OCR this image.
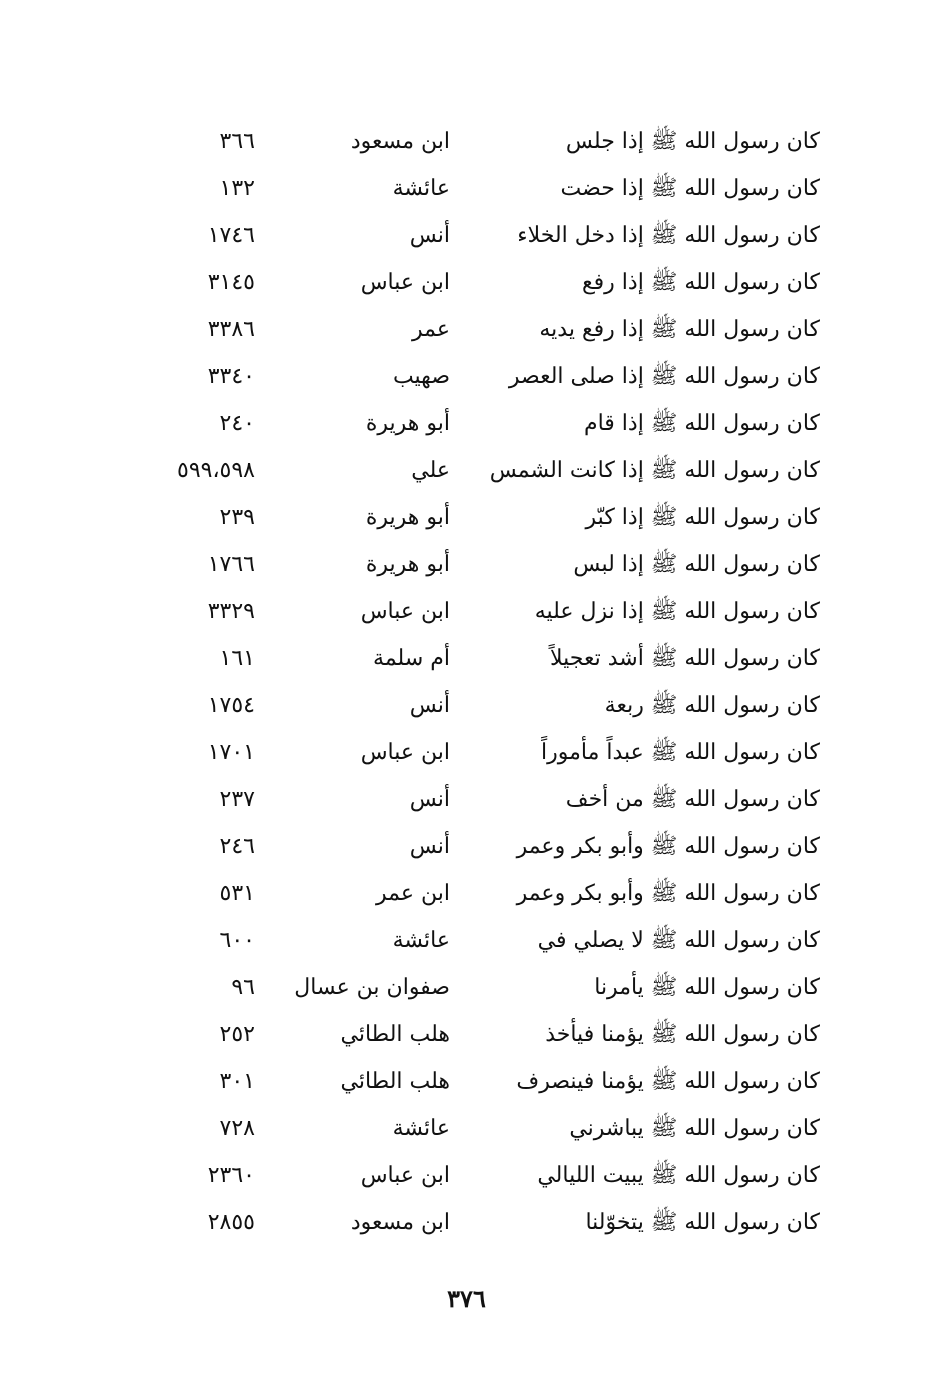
كان رسول الله ﷺ إذا جلس
ابن مسعود
٣٦٦
كان رسول الله ﷺ إذا حضت
عائشة
١٣٢
كان رسول الله ﷺ إذا دخل الخلاء
أنس
١٧٤٦
كان رسول الله ﷺ إذا رفع
ابن عباس
٣١٤٥
كان رسول الله ﷺ إذا رفع يديه
عمر
٣٣٨٦
كان رسول الله ﷺ إذا صلى العصر
صهيب
٣٣٤٠
كان رسول الله ﷺ إذا قام
أبو هريرة
٢٤٠
كان رسول الله ﷺ إذا كانت الشمس
علي
٥٩٩،٥٩٨
كان رسول الله ﷺ إذا كبّر
أبو هريرة
٢٣٩
كان رسول الله ﷺ إذا لبس
أبو هريرة
١٧٦٦
كان رسول الله ﷺ إذا نزل عليه
ابن عباس
٣٣٢٩
كان رسول الله ﷺ أشد تعجيلاً
أم سلمة
١٦١
كان رسول الله ﷺ ربعة
أنس
١٧٥٤
كان رسول الله ﷺ عبداً مأموراً
ابن عباس
١٧٠١
كان رسول الله ﷺ من أخف
أنس
٢٣٧
كان رسول الله ﷺ وأبو بكر وعمر
أنس
٢٤٦
كان رسول الله ﷺ وأبو بكر وعمر
ابن عمر
٥٣١
كان رسول الله ﷺ لا يصلي في
عائشة
٦٠٠
كان رسول الله ﷺ يأمرنا
صفوان بن عسال
٩٦
كان رسول الله ﷺ يؤمنا فيأخذ
هلب الطائي
٢٥٢
كان رسول الله ﷺ يؤمنا فينصرف
هلب الطائي
٣٠١
كان رسول الله ﷺ يباشرني
عائشة
٧٢٨
كان رسول الله ﷺ يبيت الليالي
ابن عباس
٢٣٦٠
كان رسول الله ﷺ يتخوّلنا
ابن مسعود
٢٨٥٥
٣٧٦
